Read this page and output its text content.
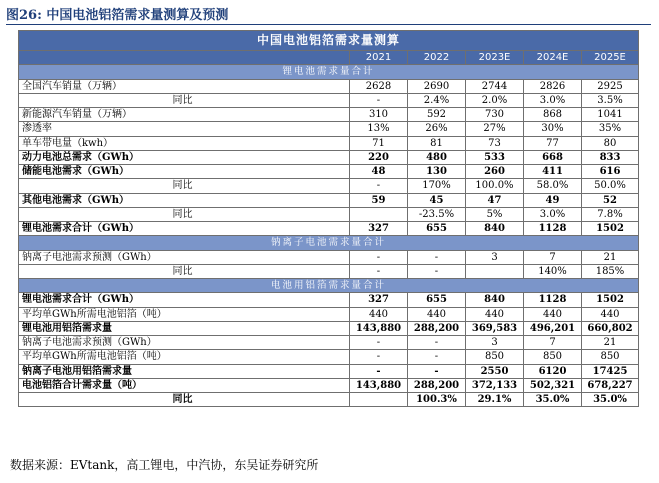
图26: 中国电池铝箔需求量测算及预测
中国电池铝箔需求量测算					
	2021	2022	2023E	2024E	2025E
锂电池需求量合计					
全国汽车销量（万辆）	2628	2690	2744	2826	2925
同比	-	2.4%	2.0%	3.0%	3.5%
新能源汽车销量（万辆）	310	592	730	868	1041
渗透率	13%	26%	27%	30%	35%
单车带电量（kwh）	71	81	73	77	80
动力电池总需求（GWh）	220	480	533	668	833
储能电池需求（GWh）	48	130	260	411	616
同比	-	170%	100.0%	58.0%	50.0%
其他电池需求（GWh）	59	45	47	49	52
同比		-23.5%	5%	3.0%	7.8%
锂电池需求合计（GWh）	327	655	840	1128	1502
钠离子电池需求量合计					
钠离子电池需求预测（GWh）	-	-	3	7	21
同比	-	-		140%	185%
电池用铝箔需求量合计					
锂电池需求合计（GWh）	327	655	840	1128	1502
平均单GWh所需电池铝箔（吨）	440	440	440	440	440
锂电池用铝箔需求量	143,880	288,200	369,583	496,201	660,802
钠离子电池需求预测（GWh）	-	-	3	7	21
平均单GWh所需电池铝箔（吨）	-	-	850	850	850
钠离子电池用铝箔需求量	-	-	2550	6120	17425
电池铝箔合计需求量（吨）	143,880	288,200	372,133	502,321	678,227
同比		100.3%	29.1%	35.0%	35.0%
数据来源：EVtank，高工锂电，中汽协，东吴证券研究所
